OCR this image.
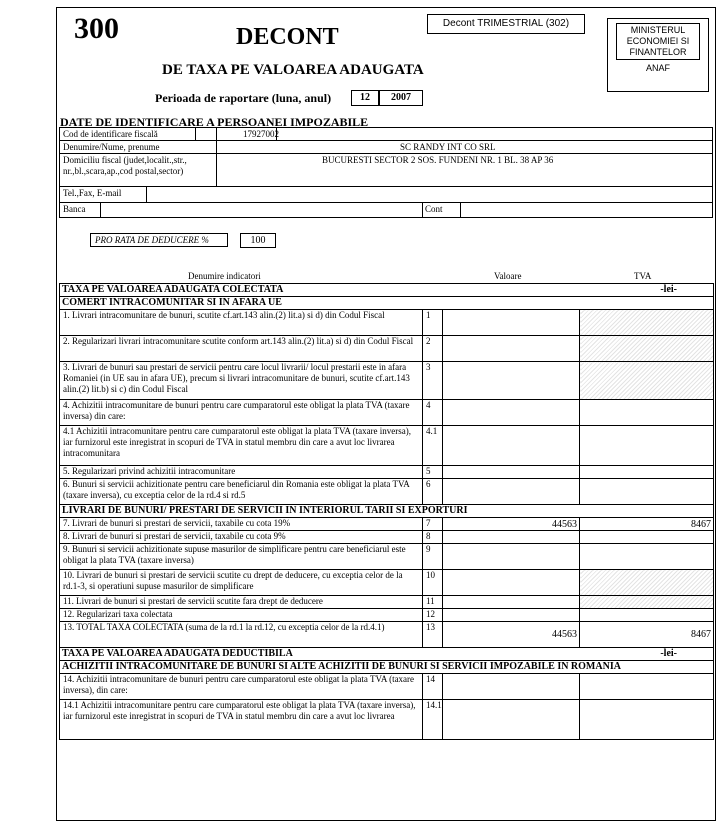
300	DECONT
DE TAXA PE VALOAREA ADAUGATA
Decont TRIMESTRIAL (302)
MINISTERUL
ECONOMIEI SI
FINANTELOR
ANAF
Perioada de raportare (luna, anul)	12	2007
DATE DE IDENTIFICARE A PERSOANEI IMPOZABILE
Cod de identificare fiscală	17927002
Denumire/Nume, prenume	SC RANDY INT CO SRL
Domiciliu fiscal (judet,localit.,str., nr.,bl.,scara,ap.,cod postal,sector)
BUCURESTI SECTOR 2 SOS. FUNDENI NR. 1 BL. 38 AP 36
Tel.,Fax, E-mail
Banca	Cont
PRO RATA DE DEDUCERE %	100
Denumire indicatori	Valoare	TVA
TAXA PE VALOAREA ADAUGATA COLECTATA -lei-			

COMERT INTRACOMUNITAR SI IN AFARA UE			
1. Livrari intracomunitare de bunuri, scutite cf.art.143 alin.(2) lit.a) si d) din Codul Fiscal	1		
2. Regularizari livrari intracomunitare scutite conform art.143 alin.(2) lit.a) si d) din Codul Fiscal	2		
3. Livrari de bunuri sau prestari de servicii pentru care locul livrarii/ locul prestarii este in afara Romaniei (in UE sau in afara UE), precum si livrari intracomunitare de bunuri, scutite cf.art.143 alin.(2) lit.b) si c) din Codul Fiscal	3		
4. Achizitii intracomunitare de bunuri pentru care cumparatorul este obligat la plata TVA (taxare inversa) din care:	4		
4.1 Achizitii intracomunitare pentru care cumparatorul este obligat la plata TVA (taxare inversa), iar furnizorul este inregistrat in scopuri de TVA in statul membru din care a avut loc livrarea intracomunitara	4.1		
5. Regularizari privind achizitii intracomunitare	5		
6. Bunuri si servicii achizitionate pentru care beneficiarul din Romania este obligat la plata TVA (taxare inversa), cu exceptia celor de la rd.4 si rd.5	6		
LIVRARI DE BUNURI/ PRESTARI DE SERVICII IN INTERIORUL TARII SI EXPORTURI			
7. Livrari de bunuri si prestari de servicii, taxabile cu cota 19%	7	44563	8467
8. Livrari de bunuri si prestari de servicii, taxabile cu cota 9%	8		
9. Bunuri si servicii achizitionate supuse masurilor de simplificare pentru care beneficiarul este obligat la plata TVA (taxare inversa)	9		
10. Livrari de bunuri si prestari de servicii scutite cu drept de deducere, cu exceptia celor de la rd.1-3, si operatiuni supuse masurilor de simplificare	10		
11. Livrari de bunuri si prestari de servicii scutite fara drept de deducere	11		
12. Regularizari taxa colectata	12		
13. TOTAL TAXA COLECTATA (suma de la rd.1 la rd.12, cu exceptia celor de la rd.4.1)	13	44563	8467
TAXA PE VALOAREA ADAUGATA DEDUCTIBILA -lei-			

ACHIZITII INTRACOMUNITARE DE BUNURI SI ALTE ACHIZITII DE BUNURI SI SERVICII IMPOZABILE IN ROMANIA			
14. Achizitii intracomunitare de bunuri pentru care cumparatorul este obligat la plata TVA (taxare inversa), din care:	14		
14.1 Achizitii intracomunitare pentru care cumparatorul este obligat la plata TVA (taxare inversa), iar furnizorul este inregistrat in scopuri de TVA in statul membru din care a avut loc livrarea	14.1		
